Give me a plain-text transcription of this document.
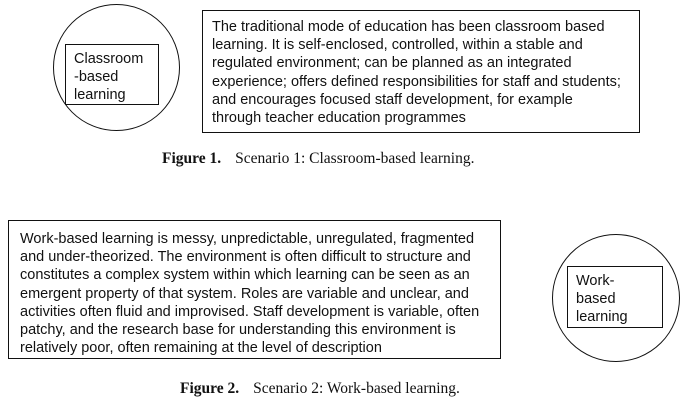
Classroom
-based
learning
The traditional mode of education has been classroom based
learning. It is self-enclosed, controlled, within a stable and
regulated environment; can be planned as an integrated
experience; offers defined responsibilities for staff and students;
and encourages focused staff development, for example
through teacher education programmes
Figure 1. Scenario 1: Classroom-based learning.
Work-based learning is messy, unpredictable, unregulated, fragmented
and under-theorized. The environment is often difficult to structure and
constitutes a complex system within which learning can be seen as an
emergent property of that system. Roles are variable and unclear, and
activities often fluid and improvised. Staff development is variable, often
patchy, and the research base for understanding this environment is
relatively poor, often remaining at the level of description
Work-
based
learning
Figure 2. Scenario 2: Work-based learning.
